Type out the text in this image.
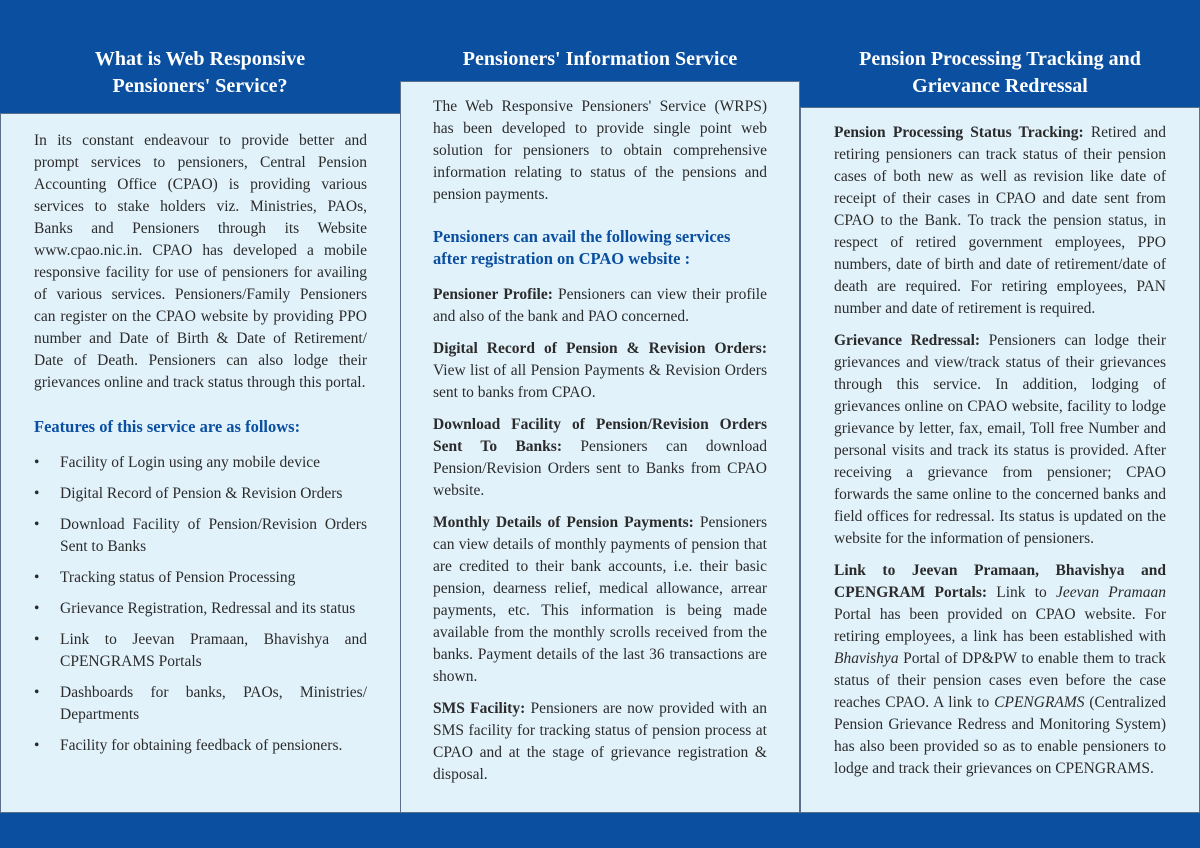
What is Web Responsive Pensioners' Service?
Pensioners' Information Service	Pension Processing Tracking and Grievance Redressal

In its constant endeavour to provide better and prompt services to pensioners, Central Pension Accounting Office (CPAO) is providing various services to stake holders viz. Ministries, PAOs, Banks and Pensioners through its Website www.cpao.nic.in. CPAO has developed a mobile responsive facility for use of pensioners for availing of various services. Pensioners/Family Pensioners can register on the CPAO website by providing PPO number and Date of Birth & Date of Retirement/ Date of Death. Pensioners can also lodge their grievances online and track status through this portal.

Features of this service are as follows:
• Facility of Login using any mobile device
• Digital Record of Pension & Revision Orders
• Download Facility of Pension/Revision Orders Sent to Banks
• Tracking status of Pension Processing
• Grievance Registration, Redressal and its status
• Link to Jeevan Pramaan, Bhavishya and CPENGRAMS Portals
• Dashboards for banks, PAOs, Ministries/ Departments
• Facility for obtaining feedback of pensioners.

The Web Responsive Pensioners' Service (WRPS) has been developed to provide single point web solution for pensioners to obtain comprehensive information relating to status of the pensions and pension payments.

Pensioners can avail the following services after registration on CPAO website :

Pensioner Profile: Pensioners can view their profile and also of the bank and PAO concerned.

Digital Record of Pension & Revision Orders: View list of all Pension Payments & Revision Orders sent to banks from CPAO.

Download Facility of Pension/Revision Orders Sent To Banks: Pensioners can download Pension/Revision Orders sent to Banks from CPAO website.

Monthly Details of Pension Payments: Pensioners can view details of monthly payments of pension that are credited to their bank accounts, i.e. their basic pension, dearness relief, medical allowance, arrear payments, etc. This information is being made available from the monthly scrolls received from the banks. Payment details of the last 36 transactions are shown.

SMS Facility: Pensioners are now provided with an SMS facility for tracking status of pension process at CPAO and at the stage of grievance registration & disposal.

Pension Processing Status Tracking: Retired and retiring pensioners can track status of their pension cases of both new as well as revision like date of receipt of their cases in CPAO and date sent from CPAO to the Bank. To track the pension status, in respect of retired government employees, PPO numbers, date of birth and date of retirement/date of death are required. For retiring employees, PAN number and date of retirement is required.

Grievance Redressal: Pensioners can lodge their grievances and view/track status of their grievances through this service. In addition, lodging of grievances online on CPAO website, facility to lodge grievance by letter, fax, email, Toll free Number and personal visits and track its status is provided. After receiving a grievance from pensioner; CPAO forwards the same online to the concerned banks and field offices for redressal. Its status is updated on the website for the information of pensioners.

Link to Jeevan Pramaan, Bhavishya and CPENGRAM Portals: Link to Jeevan Pramaan Portal has been provided on CPAO website. For retiring employees, a link has been established with Bhavishya Portal of DP&PW to enable them to track status of their pension cases even before the case reaches CPAO. A link to CPENGRAMS (Centralized Pension Grievance Redress and Monitoring System) has also been provided so as to enable pensioners to lodge and track their grievances on CPENGRAMS.
